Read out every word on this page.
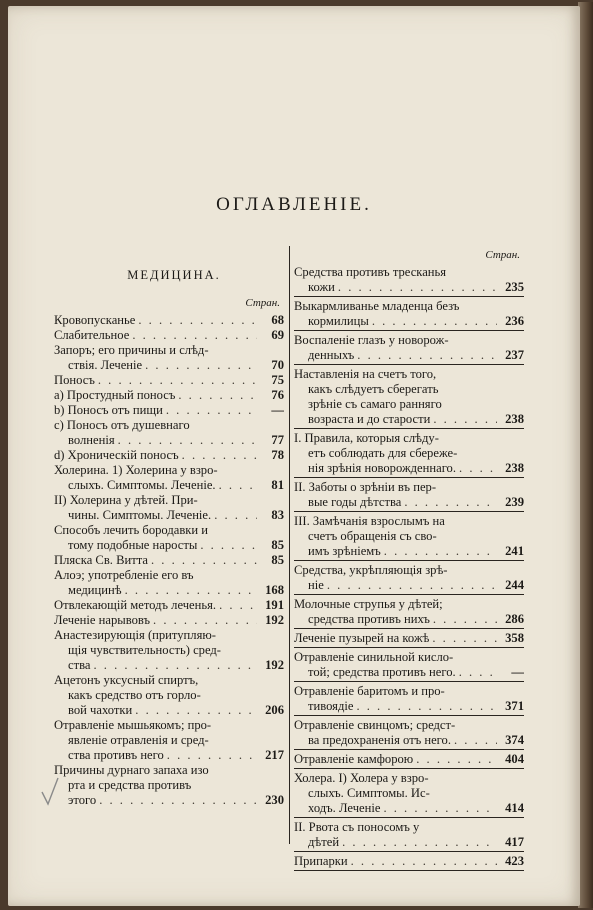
ОГЛАВЛЕНІЕ.
МЕДИЦИНА.
Стран.
Кровопусканье . . .	68
Слабительное . . .	69
Запоръ; его причины и слѣд-
ствія. Леченіе . . .	70
Поносъ . . .	75
а) Простудный поносъ . . .	76
b) Поносъ отъ пищи . . .	—
c) Поносъ отъ душевнаго
волненія . . .	77
d) Хроническій поносъ . . .	78
Холерина. 1) Холерина у взро-
слыхъ. Симптомы. Леченіе. . . .	81
II) Холерина у дѣтей. При-
чины. Симптомы. Леченіе. . . .	83
Способъ лечить бородавки и
тому подобные наросты . . .	85
Пляска Св. Витта . . .	85
Алоэ; употребленіе его въ
медицинѣ . . .	168
Отвлекающій методъ леченья. . . .	191
Леченіе нарывовъ . . .	192
Анастезирующія (притупляю-
щія чувствительность) сред-
ства . . .	192
Ацетонъ уксусный спиртъ,
какъ средство отъ горло-
вой чахотки . . .	206
Отравленіе мышьякомъ; про-
явленіе отравленія и сред-
ства противъ него . . .	217
Причины дурнаго запаха изо
рта и средства противъ
этого . . .	230
Стран.
Средства противъ тресканья
кожи . . .	235
Выкармливанье младенца безъ
кормилицы . . .	236
Воспаленіе глазъ у новорож-
денныхъ . . .	237
Наставленія на счетъ того,
какъ слѣдуетъ сберегать
зрѣніе съ самаго ранняго
возраста и до старости . . .	238
I. Правила, которыя слѣду-
етъ соблюдать для сбереже-
нія зрѣнія новорожденнаго. . . .	238
II. Заботы о зрѣніи въ пер-
вые годы дѣтства . . .	239
III. Замѣчанія взрослымъ на
счетъ обращенія съ сво-
имъ зрѣніемъ . . .	241
Средства, укрѣпляющія зрѣ-
ніе . . .	244
Молочные струпья у дѣтей;
средства противъ нихъ . . .	286
Леченіе пузырей на кожѣ . . .	358
Отравленіе синильной кисло-
той; средства противъ него. . . .	—
Отравленіе баритомъ и про-
тивоядіе . . .	371
Отравленіе свинцомъ; средст-
ва предохраненія отъ него. . . .	374
Отравленіе камфорою . . .	404
Холера. I) Холера у взро-
слыхъ. Симптомы. Ис-
ходъ. Леченіе . . .	414
II. Рвота съ поносомъ у
дѣтей . . .	417
Припарки . . .	423
